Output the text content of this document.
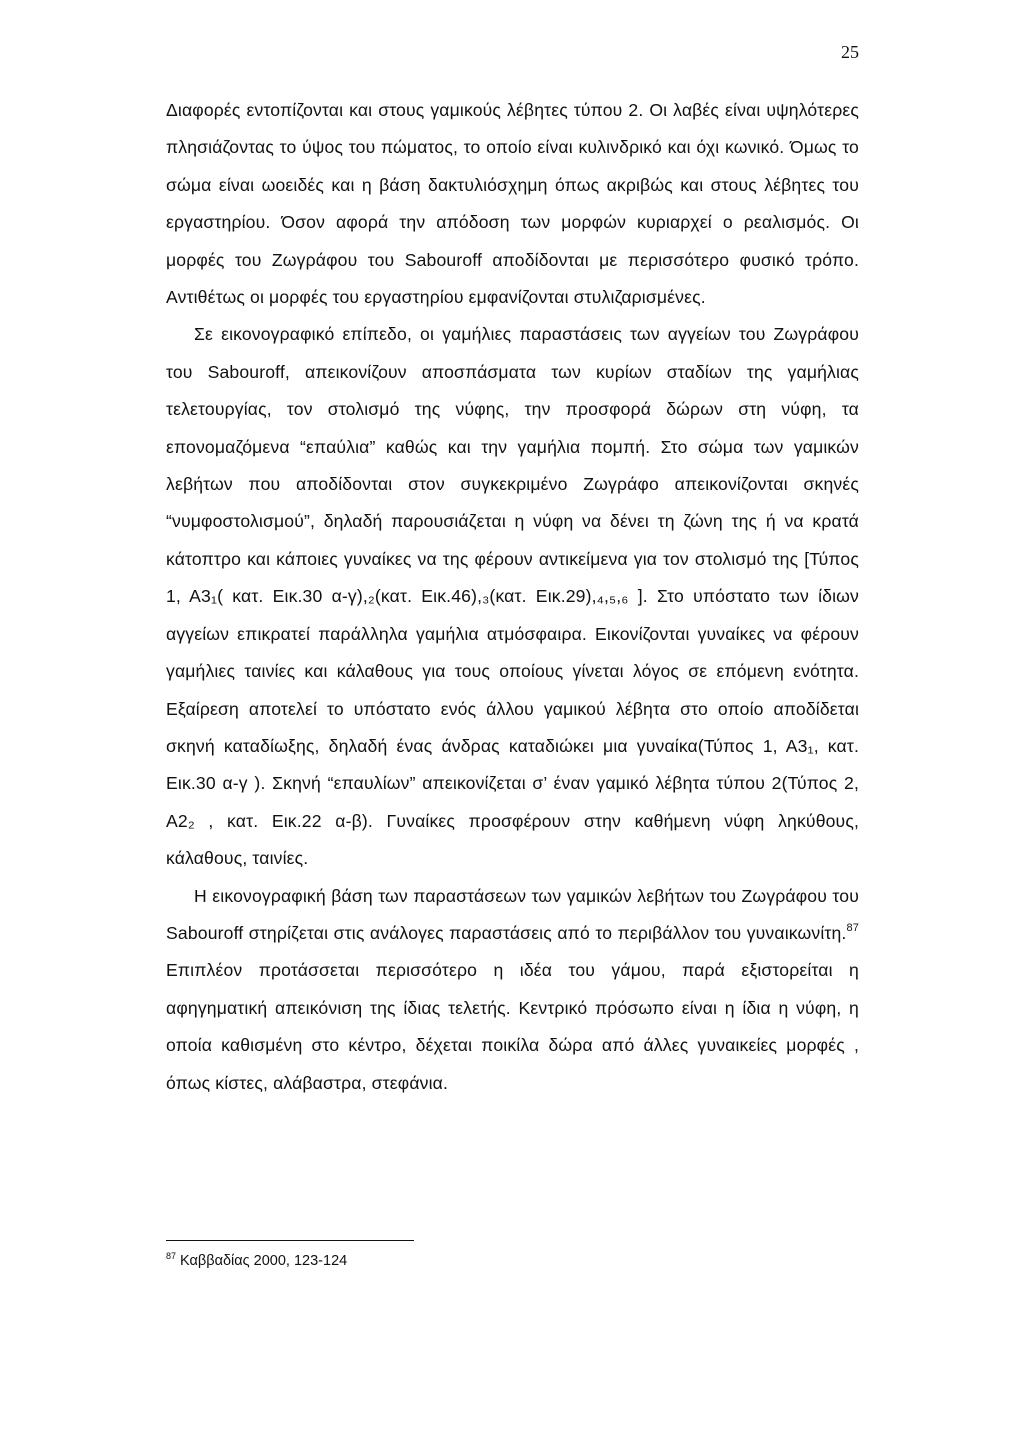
25

Διαφορές εντοπίζονται και στους γαμικούς λέβητες τύπου 2. Οι λαβές είναι υψηλότερες πλησιάζοντας το ύψος του πώματος, το οποίο είναι κυλινδρικό και όχι κωνικό. Όμως το σώμα είναι ωοειδές και η βάση δακτυλιόσχημη όπως ακριβώς και στους λέβητες του εργαστηρίου. Όσον αφορά την απόδοση των μορφών κυριαρχεί ο ρεαλισμός. Οι μορφές του Ζωγράφου του Sabouroff αποδίδονται με περισσότερο φυσικό τρόπο. Αντιθέτως οι μορφές του εργαστηρίου εμφανίζονται στυλιζαρισμένες.

Σε εικονογραφικό επίπεδο, οι γαμήλιες παραστάσεις των αγγείων του Ζωγράφου του Sabouroff, απεικονίζουν αποσπάσματα των κυρίων σταδίων της γαμήλιας τελετουργίας, τον στολισμό της νύφης, την προσφορά δώρων στη νύφη, τα επονομαζόμενα “επαύλια” καθώς και την γαμήλια πομπή. Στο σώμα των γαμικών λεβήτων που αποδίδονται στον συγκεκριμένο Ζωγράφο απεικονίζονται σκηνές “νυμφοστολισμού”, δηλαδή παρουσιάζεται η νύφη να δένει τη ζώνη της ή να κρατά κάτοπτρο και κάποιες γυναίκες να της φέρουν αντικείμενα για τον στολισμό της [Τύπος 1, Α3₁( κατ. Εικ.30 α-γ),₂(κατ. Εικ.46),₃(κατ. Εικ.29),₄,₅,₆ ]. Στο υπόστατο των ίδιων αγγείων επικρατεί παράλληλα γαμήλια ατμόσφαιρα. Εικονίζονται γυναίκες να φέρουν γαμήλιες ταινίες και κάλαθους για τους οποίους γίνεται λόγος σε επόμενη ενότητα. Εξαίρεση αποτελεί το υπόστατο ενός άλλου γαμικού λέβητα στο οποίο αποδίδεται σκηνή καταδίωξης, δηλαδή ένας άνδρας καταδιώκει μια γυναίκα(Τύπος 1, Α3₁, κατ. Εικ.30 α-γ ). Σκηνή “επαυλίων” απεικονίζεται σ’ έναν γαμικό λέβητα τύπου 2(Τύπος 2, Α2₂ , κατ. Εικ.22 α-β). Γυναίκες προσφέρουν στην καθήμενη νύφη ληκύθους, κάλαθους, ταινίες.

Η εικονογραφική βάση των παραστάσεων των γαμικών λεβήτων του Ζωγράφου του Sabouroff στηρίζεται στις ανάλογες παραστάσεις από το περιβάλλον του γυναικωνίτη.$^{87}$ Επιπλέον προτάσσεται περισσότερο η ιδέα του γάμου, παρά εξιστορείται η αφηγηματική απεικόνιση της ίδιας τελετής. Κεντρικό πρόσωπο είναι η ίδια η νύφη, η οποία καθισμένη στο κέντρο, δέχεται ποικίλα δώρα από άλλες γυναικείες μορφές , όπως κίστες, αλάβαστρα, στεφάνια.

$^{87}$ Καββαδίας 2000, 123-124
